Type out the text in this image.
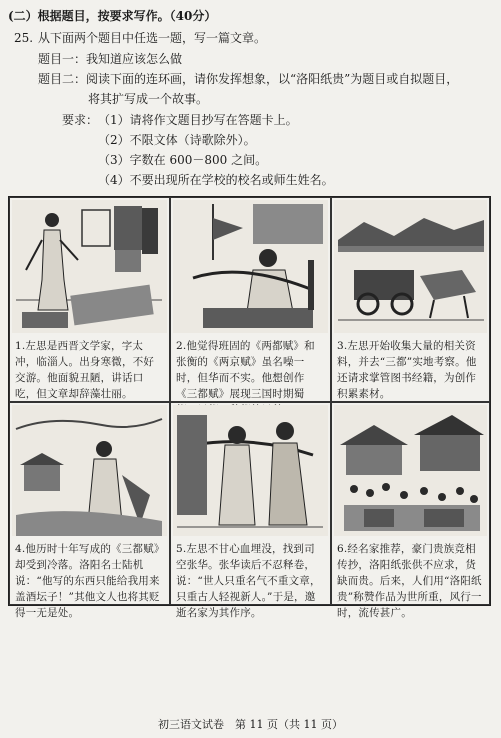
(二）根据题目，按要求写作。（40分）
25. 从下面两个题目中任选一题，写一篇文章。
题目一：我知道应该怎么做
题目二：阅读下面的连环画，请你发挥想象，以“洛阳纸贵”为题目或自拟题目，
将其扩写成一个故事。
要求： （1）请将作文题目抄写在答题卡上。
（2）不限文体（诗歌除外）。
（3）字数在 600－800 之间。
（4）不要出现所在学校的校名或师生姓名。
1.左思是西晋文学家，字太冲，临淄人。出身寒微，不好交游。他面貌丑陋，讲话口吃，但文章却辞藻壮丽。
2.他觉得班固的《两都赋》和张衡的《两京赋》虽名噪一时，但华而不实。他想创作《三都赋》展现三国时期蜀
3.左思开始收集大量的相关资料，并去“三都”实地考察。他还请求掌管图书经籍，为创作积累素材。
4.他历时十年写成的《三都赋》却受到冷落。洛阳名士陆机说：“他写的东西只能给我用来盖酒坛子！”其他文人也将其贬得一无是处。
5.左思不甘心血埋没，找到司空张华。张华读后不忍释卷，说：“世人只重名气不重文章，只重古人轻视新人。”于是，邀逝名家为其作序。
6.经名家推荐，豪门贵族竞相传抄，洛阳纸张供不应求，货缺而贵。后来，人们用“洛阳纸贵”称赞作品为世所重，风行一时，流传甚广。
初三语文试卷　第 11 页（共 11 页）
